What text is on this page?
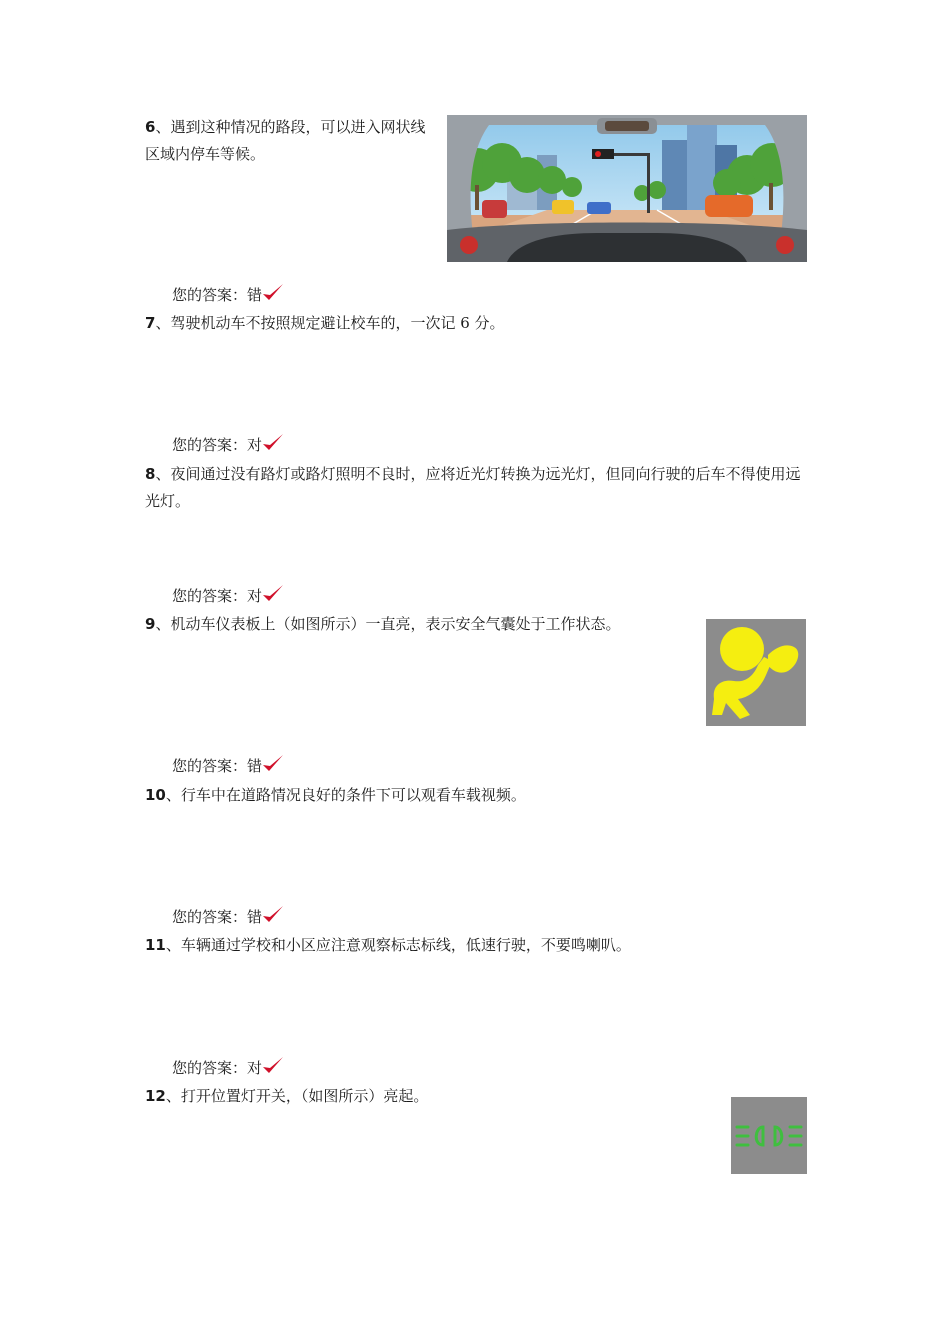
6、遇到这种情况的路段，可以进入网状线
区域内停车等候。

您的答案：错

7、驾驶机动车不按照规定避让校车的，一次记 6 分。

您的答案：对

8、夜间通过没有路灯或路灯照明不良时，应将近光灯转换为远光灯，但同向行驶的后车不得使用远光灯。

您的答案：对

9、机动车仪表板上（如图所示）一直亮，表示安全气囊处于工作状态。

您的答案：错

10、行车中在道路情况良好的条件下可以观看车载视频。

您的答案：错

11、车辆通过学校和小区应注意观察标志标线，低速行驶，不要鸣喇叭。

您的答案：对

12、打开位置灯开关，（如图所示）亮起。
